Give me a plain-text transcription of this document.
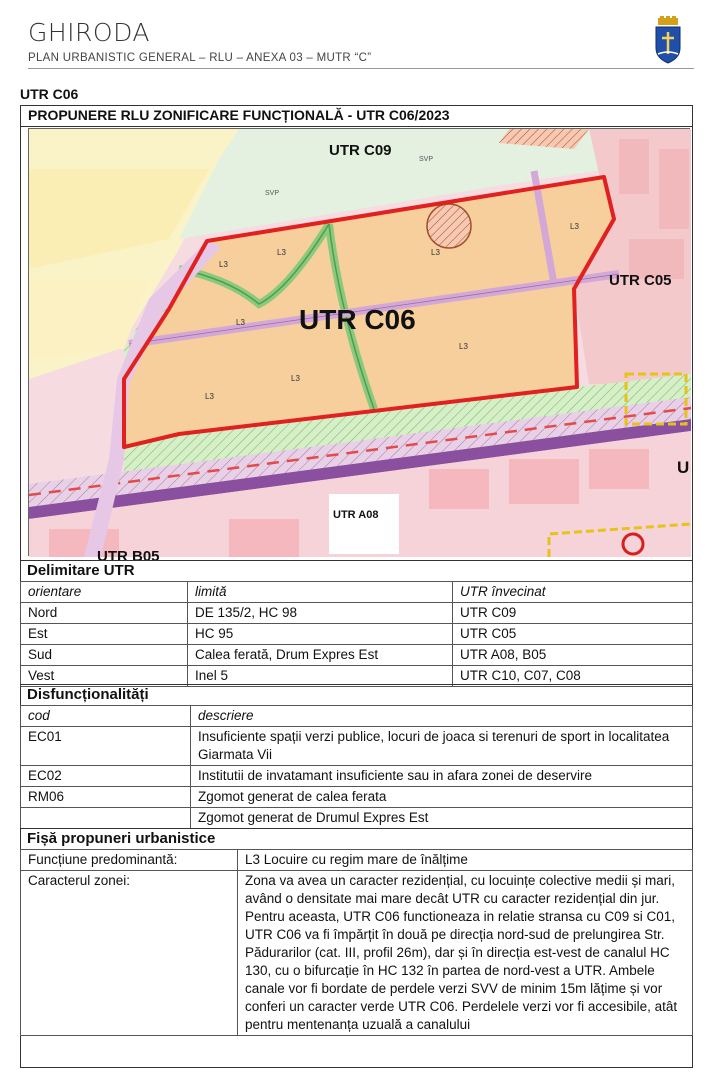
GHIRODA
PLAN URBANISTIC GENERAL – RLU – ANEXA 03 – MUTR “C”
UTR C06
PROPUNERE RLU ZONIFICARE FUNCȚIONALĂ - UTR C06/2023
UTR C09
UTR C05
UTR C06
UTR A08
UTR B05
U
SVP
SVP
L3
L3	L3
L3
L3
L3
L3
L3
Delimitare UTR
orientare	limită	UTR învecinat
Nord	DE 135/2, HC 98	UTR C09
Est	HC 95	UTR C05
Sud	Calea ferată, Drum Expres Est	UTR A08, B05
Vest	Inel 5	UTR C10, C07, C08
Disfuncționalități
cod	descriere
EC01	Insuficiente spații verzi publice, locuri de joaca si terenuri de sport in localitatea Giarmata Vii
EC02	Institutii de invatamant insuficiente sau in afara zonei de deservire
RM06	Zgomot generat de calea ferata
	Zgomot generat de Drumul Expres Est
Fișă propuneri urbanistice
Funcțiune predominantă:	L3 Locuire cu regim mare de înălțime
Caracterul zonei:	Zona va avea un caracter rezidențial, cu locuințe colective medii și mari, având o densitate mai mare decât UTR cu caracter rezidențial din jur. Pentru aceasta, UTR C06 functioneaza in relatie stransa cu C09 si C01,
UTR C06 va fi împărțit în două pe direcția nord-sud de prelungirea Str. Pădurarilor (cat. III, profil 26m), dar și în direcția est-vest de canalul HC 130, cu o bifurcație în HC 132 în partea de nord-vest a UTR. Ambele canale vor fi bordate de perdele verzi SVV de minim 15m lățime și vor conferi un caracter verde UTR C06. Perdelele verzi vor fi accesibile, atât pentru mentenanța uzuală a canalului
